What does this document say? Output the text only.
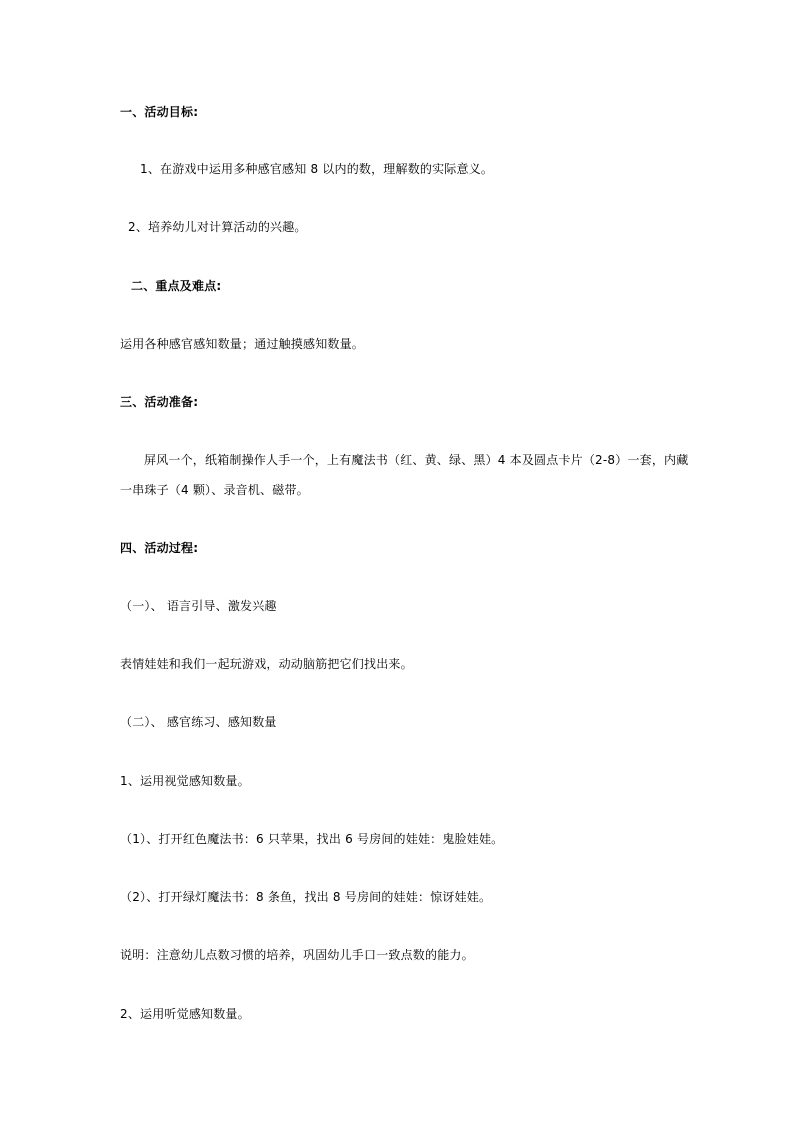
一、活动目标:
1、在游戏中运用多种感官感知 8 以内的数，理解数的实际意义。
2、培养幼儿对计算活动的兴趣。
二、重点及难点:
运用各种感官感知数量；通过触摸感知数量。
三、活动准备:
屏风一个，纸箱制操作人手一个，上有魔法书（红、黄、绿、黑）4 本及圆点卡片（2-8）一套，内藏
一串珠子（4 颗）、录音机、磁带。
四、活动过程:
（一）、 语言引导、激发兴趣
表情娃娃和我们一起玩游戏，动动脑筋把它们找出来。
（二）、 感官练习、感知数量
1、运用视觉感知数量。
（1）、打开红色魔法书：6 只苹果，找出 6 号房间的娃娃：鬼脸娃娃。
（2）、打开绿灯魔法书：8 条鱼，找出 8 号房间的娃娃：惊讶娃娃。
说明：注意幼儿点数习惯的培养，巩固幼儿手口一致点数的能力。
2、运用听觉感知数量。
